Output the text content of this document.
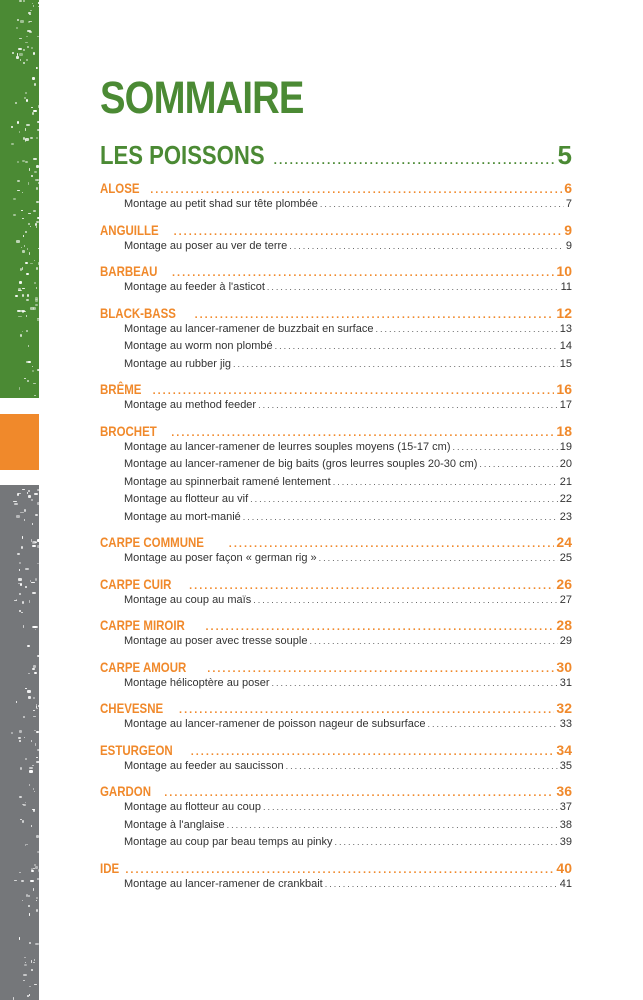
SOMMAIRE
LES POISSONS .....	5
ALOSE .....	6
Montage au petit shad sur tête plombée .....	7
ANGUILLE .....	9
Montage au poser au ver de terre .....	9
BARBEAU .....	10
Montage au feeder à l'asticot .....	11
BLACK-BASS .....	12
Montage au lancer-ramener de buzzbait en surface .....	13
Montage au worm non plombé .....	14
Montage au rubber jig .....	15
BRÊME .....	16
Montage au method feeder .....	17
BROCHET .....	18
Montage au lancer-ramener de leurres souples moyens (15-17 cm) .....	19
Montage au lancer-ramener de big baits (gros leurres souples 20-30 cm) .....	20
Montage au spinnerbait ramené lentement .....	21
Montage au flotteur au vif .....	22
Montage au mort-manié .....	23
CARPE COMMUNE .....	24
Montage au poser façon « german rig » .....	25
CARPE CUIR .....	26
Montage au coup au maïs .....	27
CARPE MIROIR .....	28
Montage au poser avec tresse souple .....	29
CARPE AMOUR .....	30
Montage hélicoptère au poser .....	31
CHEVESNE .....	32
Montage au lancer-ramener de poisson nageur de subsurface .....	33
ESTURGEON .....	34
Montage au feeder au saucisson .....	35
GARDON .....	36
Montage au flotteur au coup .....	37
Montage à l'anglaise .....	38
Montage au coup par beau temps au pinky .....	39
IDE .....	40
Montage au lancer-ramener de crankbait .....	41
